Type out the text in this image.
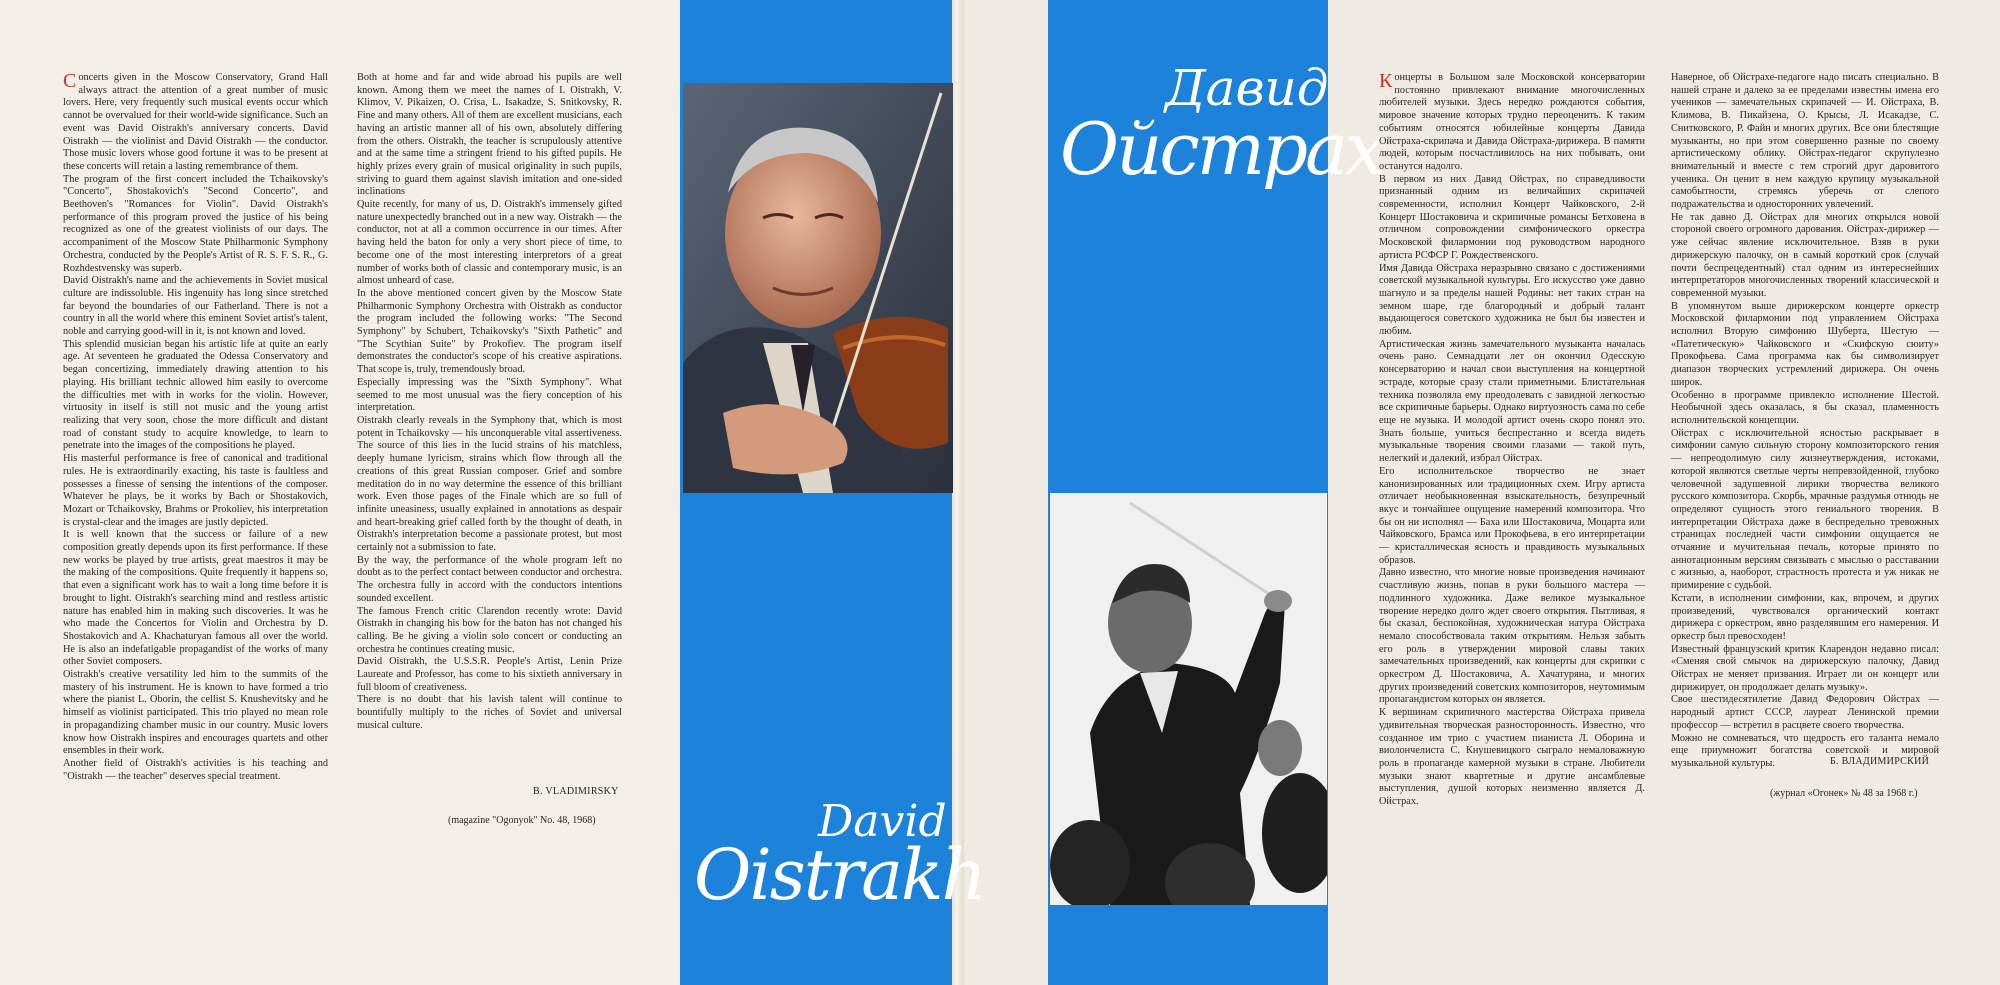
Concerts given in the Moscow Conservatory, Grand Hall always attract the attention of a great number of music lovers. Here, very frequently such musical events occur which cannot be overvalued for their world-wide significance. Such an event was David Oistrakh's anniversary concerts. David Oistrakh — the violinist and David Oistrakh — the conductor. Those music lovers whose good fortune it was to be present at these concerts will retain a lasting remembrance of them.
The program of the first concert included the Tchaikovsky's "Concerto", Shostakovich's "Second Concerto", and Beethoven's "Romances for Violin". David Oistrakh's performance of this program proved the justice of his being recognized as one of the greatest violinists of our days. The accompaniment of the Moscow State Philharmonic Symphony Orchestra, conducted by the People's Artist of R. S. F. S. R., G. Rozhdestvensky was superb.
David Oistrakh's name and the achievements in Soviet musical culture are indissoluble. His ingenuity has long since stretched far beyond the boundaries of our Fatherland. There is not a country in all the world where this eminent Soviet artist's talent, noble and carrying good-will in it, is not known and loved.
This splendid musician began his artistic life at quite an early age. At seventeen he graduated the Odessa Conservatory and began concertizing, immediately drawing attention to his playing. His brilliant technic allowed him easily to overcome the difficulties met with in works for the violin. However, virtuosity in itself is still not music and the young artist realizing that very soon, chose the more difficult and distant road of constant study to acquire knowledge, to learn to penetrate into the images of the compositions he played.
His masterful performance is free of canonical and traditional rules. He is extraordinarily exacting, his taste is faultless and possesses a finesse of sensing the intentions of the composer. Whatever he plays, be it works by Bach or Shostakovich, Mozart or Tchaikovsky, Brahms or Prokoliev, his interpretation is crystal-clear and the images are justly depicted.
It is well known that the success or failure of a new composition greatly depends upon its first performance. If these new works be played by true artists, great maestros it may be the making of the compositions. Quite frequently it happens so, that even a significant work has to wait a long time before it is brought to light. Oistrakh's searching mind and restless artistic nature has enabled him in making such discoveries. It was he who made the Concertos for Violin and Orchestra by D. Shostakovich and A. Khachaturyan famous all over the world. He is also an indefatigable propagandist of the works of many other Soviet composers.
Oistrakh's creative versatility led him to the summits of the mastery of his instrument. He is known to have formed a trio where the pianist L. Oborin, the cellist S. Knushevitsky and he himself as violinist participated. This trio played no mean role in propagandizing chamber music in our country. Music lovers know how Oistrakh inspires and encourages quartets and other ensembles in their work.
Another field of Oistrakh's activities is his teaching and "Oistrakh — the teacher" deserves special treatment.
Both at home and far and wide abroad his pupils are well known. Among them we meet the names of I. Oistrakh, V. Klimov, V. Pikaizen, O. Crisa, L. Isakadze, S. Snitkovsky, R. Fine and many others. All of them are excellent musicians, each having an artistic manner all of his own, absolutely differing from the others. Oistrakh, the teacher is scrupulously attentive and at the same time a stringent friend to his gifted pupils. He highly prizes every grain of musical originality in such pupils, striving to guard them against slavish imitation and one-sided inclinations
Quite recently, for many of us, D. Oistrakh's immensely gifted nature unexpectedly branched out in a new way. Oistrakh — the conductor, not at all a common occurrence in our times. After having held the baton for only a very short piece of time, to become one of the most interesting interpretors of a great number of works both of classic and contemporary music, is an almost unheard of case.
In the above mentioned concert given by the Moscow State Philharmonic Symphony Orchestra with Oistrakh as conductor the program included the following works: "The Second Symphony" by Schubert, Tchaikovsky's "Sixth Pathetic" and "The Scythian Suite" by Prokofiev. The program itself demonstrates the conductor's scope of his creative aspirations. That scope is, truly, tremendously broad.
Especially impressing was the "Sixth Symphony". What seemed to me most unusual was the fiery conception of his interpretation.
Oistrakh clearly reveals in the Symphony that, which is most potent in Tchaikovsky — his unconquerable vital assertiveness. The source of this lies in the lucid strains of his matchless, deeply humane lyricism, strains which flow through all the creations of this great Russian composer. Grief and sombre meditation do in no way determine the essence of this brilliant work. Even those pages of the Finale which are so full of infinite uneasiness, usually explained in annotations as despair and heart-breaking grief called forth by the thought of death, in Oistrakh's interpretation become a passionate protest, but most certainly not a submission to fate.
By the way, the performance of the whole program left no doubt as to the perfect contact between conductor and orchestra. The orchestra fully in accord with the conductors intentions sounded excellent.
The famous French critic Clarendon recently wrote: David Oistrakh in changing his bow for the baton has not changed his calling. Be he giving a violin solo concert or conducting an orchestra he continues creating music.
David Oistrakh, the U.S.S.R. People's Artist, Lenin Prize Laureate and Professor, has come to his sixtieth anniversary in full bloom of creativeness.
There is no doubt that his lavish talent will continue to bountifully multiply to the riches of Soviet and universal musical culture.
B. VLADIMIRSKY
(magazine "Ogonyok" No. 48, 1968)	David
Oistrakh
Давид
Ойстрах
Концерты в Большом зале Московской консерватории постоянно привлекают внимание многочисленных любителей музыки. Здесь нередко рождаются события, мировое значение которых трудно переоценить. К таким событиям относятся юбилейные концерты Давида Ойстраха-скрипача и Давида Ойстраха-дирижера. В памяти людей, которым посчастливилось на них побывать, они останутся надолго.
В первом из них Давид Ойстрах, по справедливости признанный одним из величайших скрипачей современности, исполнил Концерт Чайковского, 2-й Концерт Шостаковича и скрипичные романсы Бетховена в отличном сопровождении симфонического оркестра Московской филармонии под руководством народного артиста РСФСР Г. Рождественского.
Имя Давида Ойстраха неразрывно связано с достижениями советской музыкальной культуры. Его искусство уже давно шагнуло и за пределы нашей Родины: нет таких стран на земном шаре, где благородный и добрый талант выдающегося советского художника не был бы известен и любим.
Артистическая жизнь замечательного музыканта началась очень рано. Семнадцати лет он окончил Одесскую консерваторию и начал свои выступления на концертной эстраде, которые сразу стали приметными. Блистательная техника позволяла ему преодолевать с завидной легкостью все скрипичные барьеры. Однако виртуозность сама по себе еще не музыка. И молодой артист очень скоро понял это. Знать больше, учиться беспрестанно и всегда видеть музыкальные творения своими глазами — такой путь, нелегкий и далекий, избрал Ойстрах.
Его исполнительское творчество не знает канонизированных или традиционных схем. Игру артиста отличает необыкновенная взыскательность, безупречный вкус и тончайшее ощущение намерений композитора. Что бы он ни исполнял — Баха или Шостаковича, Моцарта или Чайковского, Брамса или Прокофьева, в его интерпретации — кристаллическая ясность и правдивость музыкальных образов.
Давно известно, что многие новые произведения начинают счастливую жизнь, попав в руки большого мастера — подлинного художника. Даже великое музыкальное творение нередко долго ждет своего открытия. Пытливая, я бы сказал, беспокойная, художническая натура Ойстраха немало способствовала таким открытиям. Нельзя забыть его роль в утверждении мировой славы таких замечательных произведений, как концерты для скрипки с оркестром Д. Шостаковича, А. Хачатуряна, и многих других произведений советских композиторов, неутомимым пропагандистом которых он является.
К вершинам скрипичного мастерства Ойстраха привела удивительная творческая разносторонность. Известно, что созданное им трио с участием пианиста Л. Оборина и виолончелиста С. Кнушевицкого сыграло немаловажную роль в пропаганде камерной музыки в стране. Любители музыки знают квартетные и другие ансамблевые выступления, душой которых неизменно является Д. Ойстрах.
Наверное, об Ойстрахе-педагоге надо писать специально. В нашей стране и далеко за ее пределами известны имена его учеников — замечательных скрипачей — И. Ойстраха, В. Климова, В. Пикайзена, О. Крысы, Л. Исакадзе, С. Снитковского, Р. Файн и многих других. Все они блестящие музыканты, но при этом совершенно разные по своему артистическому облику. Ойстрах-педагог скрупулезно внимательный и вместе с тем строгий друг даровитого ученика. Он ценит в нем каждую крупицу музыкальной самобытности, стремясь уберечь от слепого подражательства и односторонних увлечений.
Не так давно Д. Ойстрах для многих открылся новой стороной своего огромного дарования. Ойстрах-дирижер — уже сейчас явление исключительное. Взяв в руки дирижерскую палочку, он в самый короткий срок (случай почти беспрецедентный) стал одним из интереснейших интерпретаторов многочисленных творений классической и современной музыки.
В упомянутом выше дирижерском концерте оркестр Московской филармонии под управлением Ойстраха исполнил Вторую симфонию Шуберта, Шестую — «Патетическую» Чайковского и «Скифскую сюиту» Прокофьева. Сама программа как бы символизирует диапазон творческих устремлений дирижера. Он очень широк.
Особенно в программе привлекло исполнение Шестой. Необычной здесь оказалась, я бы сказал, пламенность исполнительской концепции.
Ойстрах с исключительной ясностью раскрывает в симфонии самую сильную сторону композиторского гения — непреодолимую силу жизнеутверждения, истоками, которой являются светлые черты непревзойденной, глубоко человечной задушевной лирики творчества великого русского композитора. Скорбь, мрачные раздумья отнюдь не определяют сущность этого гениального творения. В интерпретации Ойстраха даже в беспредельно тревожных страницах последней части симфонии ощущается не отчаяние и мучительная печаль, которые принято по аннотационным версиям связывать с мыслью о расставании с жизнью, а, наоборот, страстность протеста и уж никак не примирение с судьбой.
Кстати, в исполнении симфонии, как, впрочем, и других произведений, чувствовался органический контакт дирижера с оркестром, явно разделявшим его намерения. И оркестр был превосходен!
Известный французский критик Кларендон недавно писал: «Сменяя свой смычок на дирижерскую палочку, Давид Ойстрах не меняет призвания. Играет ли он концерт или дирижирует, он продолжает делать музыку».
Свое шестидесятилетие Давид Федорович Ойстрах — народный артист СССР, лауреат Ленинской премии профессор — встретил в расцвете своего творчества.
Можно не сомневаться, что щедрость его таланта немало еще приумножит богатства советской и мировой музыкальной культуры.	Б. ВЛАДИМИРСКИЙ
(журнал «Огонек» № 48 за 1968 г.)
